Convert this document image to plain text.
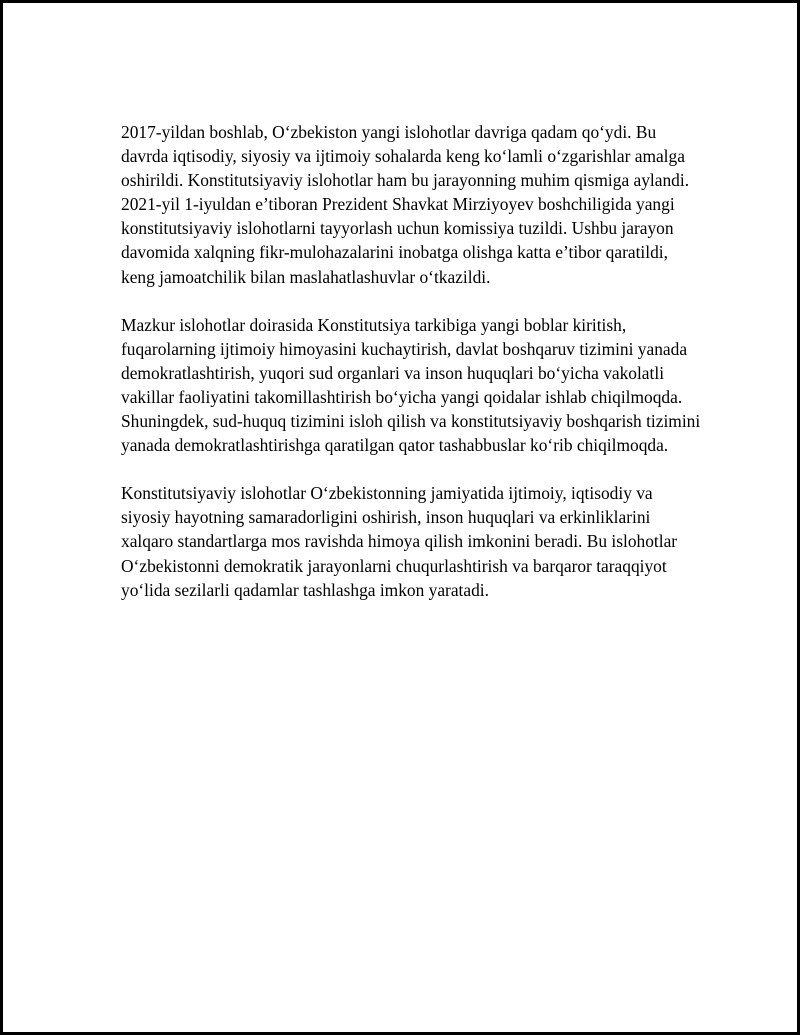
2017-yildan boshlab, O‘zbekiston yangi islohotlar davriga qadam qo‘ydi. Bu davrda iqtisodiy, siyosiy va ijtimoiy sohalarda keng ko‘lamli o‘zgarishlar amalga oshirildi. Konstitutsiyaviy islohotlar ham bu jarayonning muhim qismiga aylandi. 2021-yil 1-iyuldan e’tiboran Prezident Shavkat Mirziyoyev boshchiligida yangi konstitutsiyaviy islohotlarni tayyorlash uchun komissiya tuzildi. Ushbu jarayon davomida xalqning fikr-mulohazalarini inobatga olishga katta e’tibor qaratildi, keng jamoatchilik bilan maslahatlashuvlar o‘tkazildi.

Mazkur islohotlar doirasida Konstitutsiya tarkibiga yangi boblar kiritish, fuqarolarning ijtimoiy himoyasini kuchaytirish, davlat boshqaruv tizimini yanada demokratlashtirish, yuqori sud organlari va inson huquqlari bo‘yicha vakolatli vakillar faoliyatini takomillashtirish bo‘yicha yangi qoidalar ishlab chiqilmoqda. Shuningdek, sud-huquq tizimini isloh qilish va konstitutsiyaviy boshqarish tizimini yanada demokratlashtirishga qaratilgan qator tashabbuslar ko‘rib chiqilmoqda.

Konstitutsiyaviy islohotlar O‘zbekistonning jamiyatida ijtimoiy, iqtisodiy va siyosiy hayotning samaradorligini oshirish, inson huquqlari va erkinliklarini xalqaro standartlarga mos ravishda himoya qilish imkonini beradi. Bu islohotlar O‘zbekistonni demokratik jarayonlarni chuqurlashtirish va barqaror taraqqiyot yo‘lida sezilarli qadamlar tashlashga imkon yaratadi.
